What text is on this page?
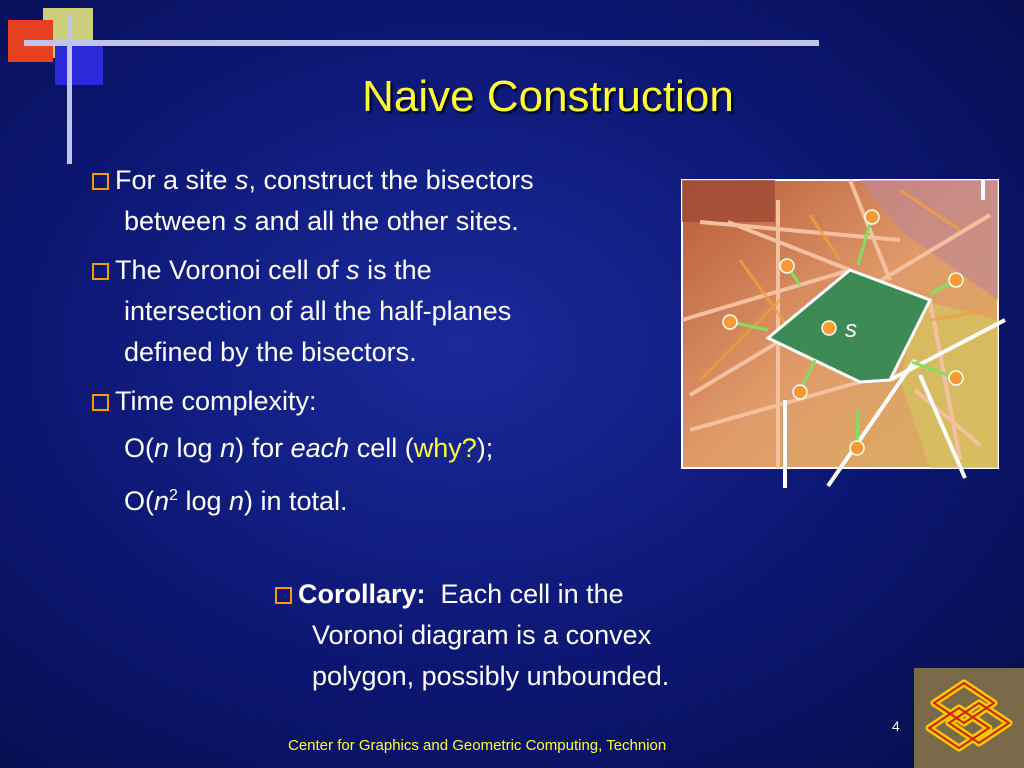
Naive Construction
For a site s, construct the bisectors
between s and all the other sites.
The Voronoi cell of s is the
intersection of all the half-planes
defined by the bisectors.
Time complexity:
O(n log n) for each cell (why?);
$O(n^2$ log n) in total.
s
Corollary: Each cell in the
Voronoi diagram is a convex
polygon, possibly unbounded.
4
Center for Graphics and Geometric Computing, Technion
